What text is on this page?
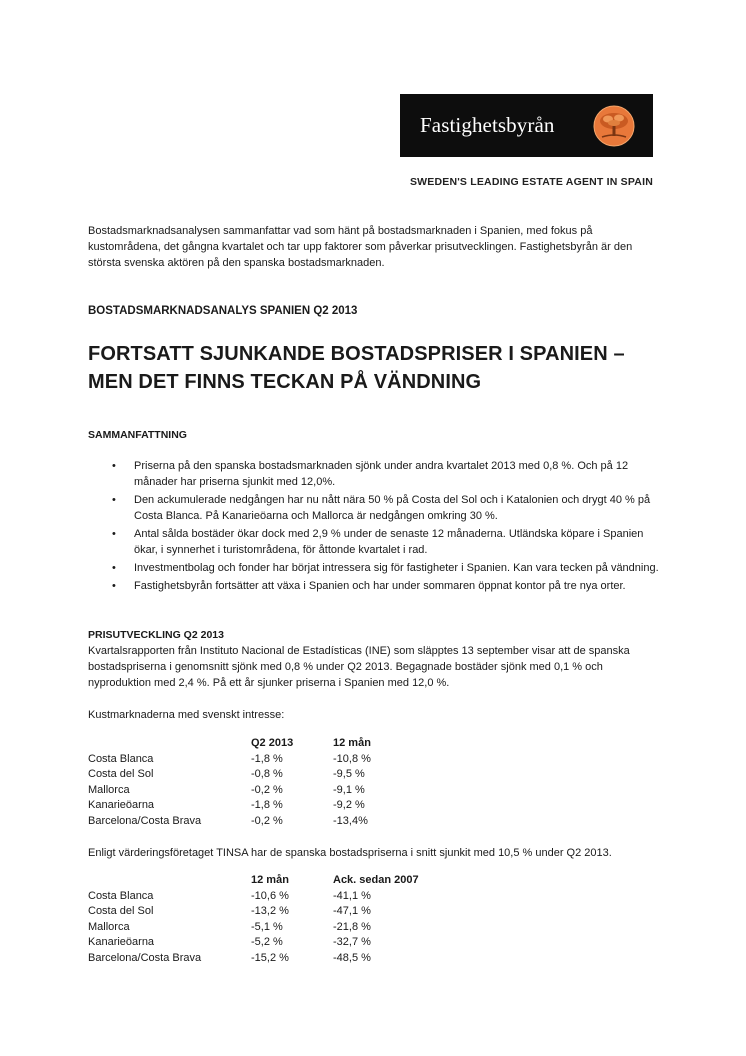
Fastighetsbyrån
SWEDEN'S LEADING ESTATE AGENT IN SPAIN
Bostadsmarknadsanalysen sammanfattar vad som hänt på bostadsmarknaden i Spanien, med fokus på kustområdena, det gångna kvartalet och tar upp faktorer som påverkar prisutvecklingen. Fastighetsbyrån är den största svenska aktören på den spanska bostadsmarknaden.
BOSTADSMARKNADSANALYS SPANIEN Q2 2013
FORTSATT SJUNKANDE BOSTADSPRISER I SPANIEN –
MEN DET FINNS TECKAN PÅ VÄNDNING
SAMMANFATTNING
• Priserna på den spanska bostadsmarknaden sjönk under andra kvartalet 2013 med 0,8 %. Och på 12 månader har priserna sjunkit med 12,0%.
• Den ackumulerade nedgången har nu nått nära 50 % på Costa del Sol och i Katalonien och drygt 40 % på Costa Blanca. På Kanarieöarna och Mallorca är nedgången omkring 30 %.
• Antal sålda bostäder ökar dock med 2,9 % under de senaste 12 månaderna. Utländska köpare i Spanien ökar, i synnerhet i turistområdena, för åttonde kvartalet i rad.
• Investmentbolag och fonder har börjat intressera sig för fastigheter i Spanien. Kan vara tecken på vändning.
• Fastighetsbyrån fortsätter att växa i Spanien och har under sommaren öppnat kontor på tre nya orter.
PRISUTVECKLING Q2 2013
Kvartalsrapporten från Instituto Nacional de Estadísticas (INE) som släpptes 13 september visar att de spanska bostadspriserna i genomsnitt sjönk med 0,8 % under Q2 2013. Begagnade bostäder sjönk med 0,1 % och nyproduktion med 2,4 %. På ett år sjunker priserna i Spanien med 12,0 %.
Kustmarknaderna med svenskt intresse:
	Q2 2013	12 mån
Costa Blanca	-1,8 %	-10,8 %
Costa del Sol	-0,8 %	-9,5 %
Mallorca	-0,2 %	-9,1 %
Kanarieöarna	-1,8 %	-9,2 %
Barcelona/Costa Brava	-0,2 %	-13,4%
Enligt värderingsföretaget TINSA har de spanska bostadspriserna i snitt sjunkit med 10,5 % under Q2 2013.
	12 mån	Ack. sedan 2007
Costa Blanca	-10,6 %	-41,1 %
Costa del Sol	-13,2 %	-47,1 %
Mallorca	-5,1 %	-21,8 %
Kanarieöarna	-5,2 %	-32,7 %
Barcelona/Costa Brava	-15,2 %	-48,5 %
